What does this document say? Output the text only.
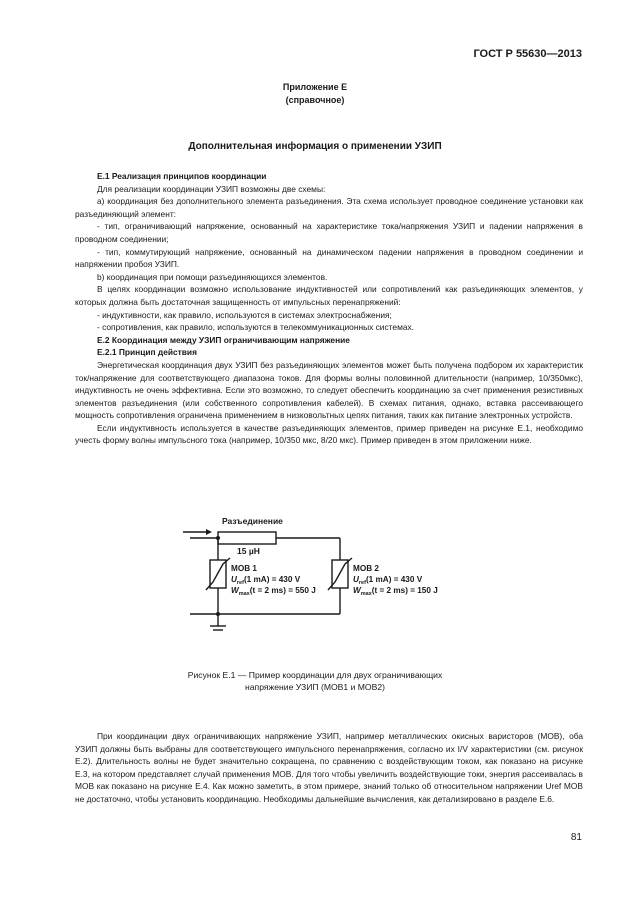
ГОСТ Р 55630—2013
Приложение Е
(справочное)
Дополнительная информация о применении УЗИП

Е.1 Реализация принципов координации

Для реализации координации УЗИП возможны две схемы:

a) координация без дополнительного элемента разъединения. Эта схема использует проводное соединение установки как разъединяющий элемент:

- тип, ограничивающий напряжение, основанный на характеристике тока/напряжения УЗИП и падении напряжения в проводном соединении;

- тип, коммутирующий напряжение, основанный на динамическом падении напряжения в проводном соединении и напряжении пробоя УЗИП.

b) координация при помощи разъединяющихся элементов.

В целях координации возможно использование индуктивностей или сопротивлений как разъединяющих элементов, у которых должна быть достаточная защищенность от импульсных перенапряжений:

- индуктивности, как правило, используются в системах электроснабжения;

- сопротивления, как правило, используются в телекоммуникационных системах.

Е.2 Координация между УЗИП ограничивающим напряжение

Е.2.1 Принцип действия

Энергетическая координация двух УЗИП без разъединяющих элементов может быть получена подбором их характеристик ток/напряжение для соответствующего диапазона токов. Для формы волны половинной длительности (например, 10/350мкс), индуктивность не очень эффективна. Если это возможно, то следует обеспечить координацию за счет применения резистивных элементов разъединения (или собственного сопротивления кабелей). В схемах питания, однако, вставка рассеивающего мощность сопротивления ограничена применением в низковольтных цепях питания, таких как питание электронных устройств.

Если индуктивность используется в качестве разъединяющих элементов, пример приведен на рисунке Е.1, необходимо учесть форму волны импульсного тока (например, 10/350 мкс, 8/20 мкс). Пример приведен в этом приложении ниже.

Разъединение
15 µH
MOB 1
$U_{ref}(1$ mA) = 430 V
$W_{max}(t = 2$ ms) = 550 J
MOB 2
$U_{ref}(1$ mA) = 430 V
$W_{max}(t = 2$ ms) = 150 J
Рисунок Е.1 — Пример координации для двух ограничивающих
напряжение УЗИП (МОВ1 и МОВ2)

При координации двух ограничивающих напряжение УЗИП, например металлических окисных варисторов (МОВ), оба УЗИП должны быть выбраны для соответствующего импульсного перенапряжения, согласно их I/V характеристики (см. рисунок Е.2). Длительность волны не будет значительно сокращена, по сравнению с воздействующим током, как показано на рисунке Е.3, на котором представляет случай применения МОВ. Для того чтобы увеличить воздействующие токи, энергия рассеивалась в МОВ как показано на рисунке Е.4. Как можно заметить, в этом примере, знаний только об относительном напряжении Uref МОВ не достаточно, чтобы установить координацию. Необходимы дальнейшие вычисления, как детализировано в разделе Е.6.

81
